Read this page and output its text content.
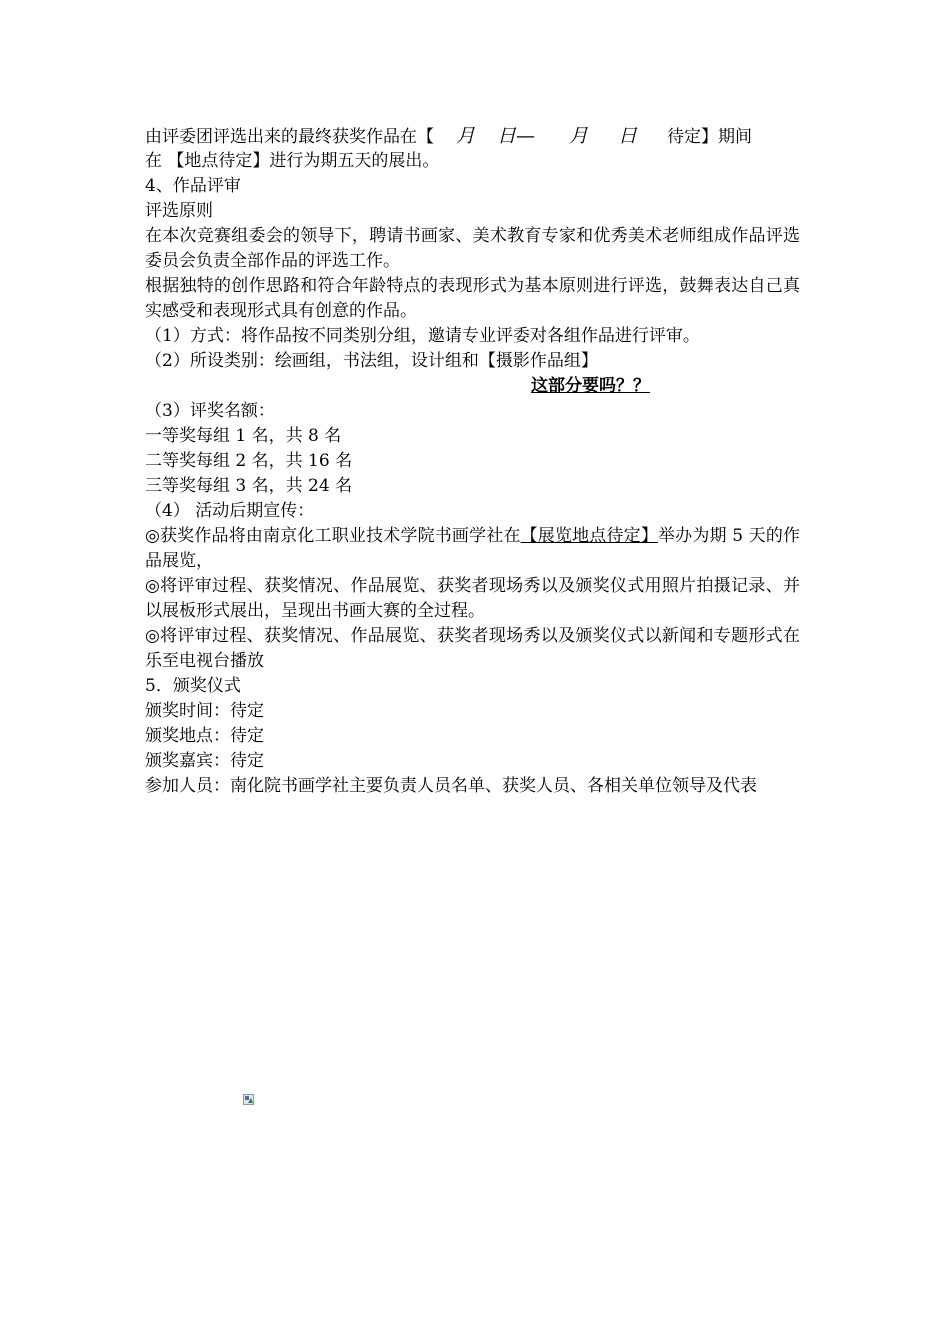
由评委团评选出来的最终获奖作品在【 月 日— 月 日 待定】期间
在 【地点待定】进行为期五天的展出。
4、作品评审
评选原则
在本次竞赛组委会的领导下，聘请书画家、美术教育专家和优秀美术老师组成作品评选委员会负责全部作品的评选工作。
根据独特的创作思路和符合年龄特点的表现形式为基本原则进行评选，鼓舞表达自己真实感受和表现形式具有创意的作品。
（1）方式：将作品按不同类别分组，邀请专业评委对各组作品进行评审。
（2）所设类别：绘画组，书法组，设计组和【摄影作品组】
这部分要吗？？
（3）评奖名额：
一等奖每组 1 名，共 8 名
二等奖每组 2 名，共 16 名
三等奖每组 3 名，共 24 名
（4） 活动后期宣传：
◎获奖作品将由南京化工职业技术学院书画学社在【展览地点待定】举办为期 5 天的作品展览，
◎将评审过程、获奖情况、作品展览、获奖者现场秀以及颁奖仪式用照片拍摄记录、并以展板形式展出，呈现出书画大赛的全过程。
◎将评审过程、获奖情况、作品展览、获奖者现场秀以及颁奖仪式以新闻和专题形式在乐至电视台播放
5．颁奖仪式
颁奖时间：待定
颁奖地点：待定
颁奖嘉宾：待定
参加人员：南化院书画学社主要负责人员名单、获奖人员、各相关单位领导及代表
